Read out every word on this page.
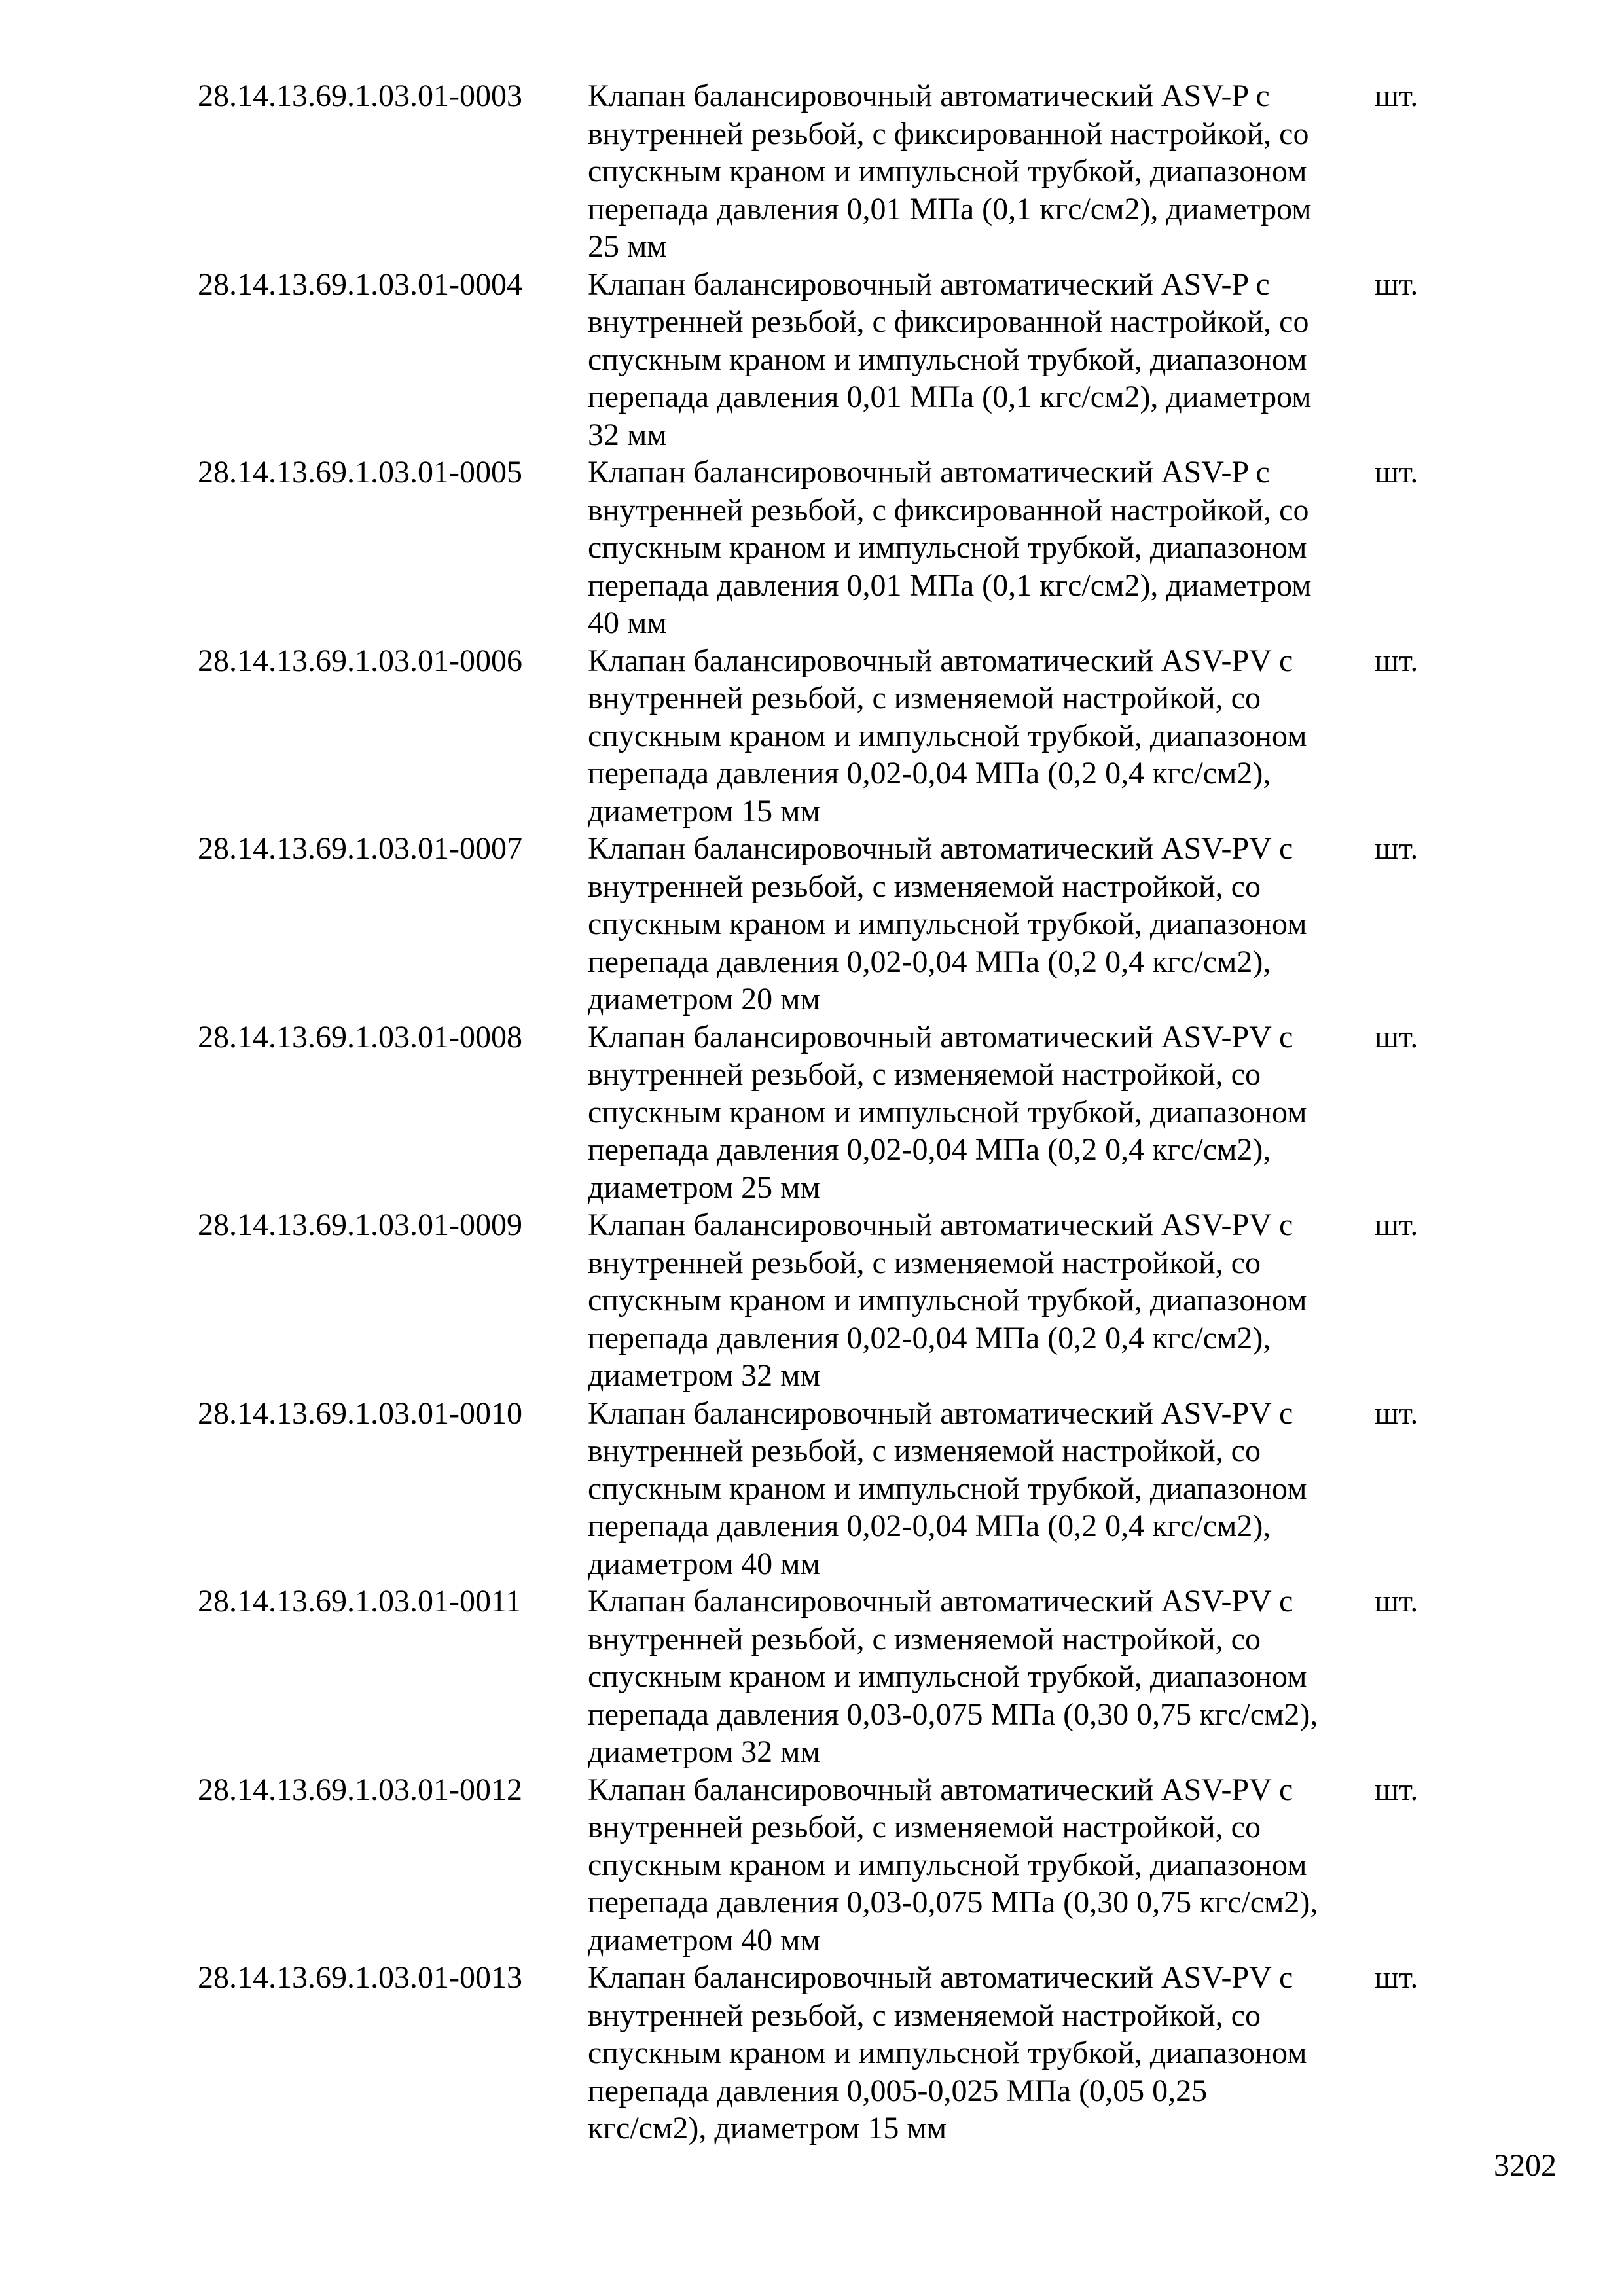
28.14.13.69.1.03.01-0003 Клапан балансировочный автоматический ASV-P с
внутренней резьбой, с фиксированной настройкой, со
спускным краном и импульсной трубкой, диапазоном
перепада давления 0,01 МПа (0,1 кгс/см2), диаметром
25 мм
шт.
28.14.13.69.1.03.01-0004 Клапан балансировочный автоматический ASV-P с
внутренней резьбой, с фиксированной настройкой, со
спускным краном и импульсной трубкой, диапазоном
перепада давления 0,01 МПа (0,1 кгс/см2), диаметром
32 мм
шт.
28.14.13.69.1.03.01-0005 Клапан балансировочный автоматический ASV-P с
внутренней резьбой, с фиксированной настройкой, со
спускным краном и импульсной трубкой, диапазоном
перепада давления 0,01 МПа (0,1 кгс/см2), диаметром
40 мм
шт.
28.14.13.69.1.03.01-0006 Клапан балансировочный автоматический ASV-PV с
внутренней резьбой, с изменяемой настройкой, со
спускным краном и импульсной трубкой, диапазоном
перепада давления 0,02-0,04 МПа (0,2 0,4 кгс/см2),
диаметром 15 мм
шт.
28.14.13.69.1.03.01-0007 Клапан балансировочный автоматический ASV-PV с
внутренней резьбой, с изменяемой настройкой, со
спускным краном и импульсной трубкой, диапазоном
перепада давления 0,02-0,04 МПа (0,2 0,4 кгс/см2),
диаметром 20 мм
шт.
28.14.13.69.1.03.01-0008 Клапан балансировочный автоматический ASV-PV с
внутренней резьбой, с изменяемой настройкой, со
спускным краном и импульсной трубкой, диапазоном
перепада давления 0,02-0,04 МПа (0,2 0,4 кгс/см2),
диаметром 25 мм
шт.
28.14.13.69.1.03.01-0009 Клапан балансировочный автоматический ASV-PV с
внутренней резьбой, с изменяемой настройкой, со
спускным краном и импульсной трубкой, диапазоном
перепада давления 0,02-0,04 МПа (0,2 0,4 кгс/см2),
диаметром 32 мм
шт.
28.14.13.69.1.03.01-0010 Клапан балансировочный автоматический ASV-PV с
внутренней резьбой, с изменяемой настройкой, со
спускным краном и импульсной трубкой, диапазоном
перепада давления 0,02-0,04 МПа (0,2 0,4 кгс/см2),
диаметром 40 мм
шт.
28.14.13.69.1.03.01-0011 Клапан балансировочный автоматический ASV-PV с
внутренней резьбой, с изменяемой настройкой, со
спускным краном и импульсной трубкой, диапазоном
перепада давления 0,03-0,075 МПа (0,30 0,75 кгс/см2),
диаметром 32 мм
шт.
28.14.13.69.1.03.01-0012 Клапан балансировочный автоматический ASV-PV с
внутренней резьбой, с изменяемой настройкой, со
спускным краном и импульсной трубкой, диапазоном
перепада давления 0,03-0,075 МПа (0,30 0,75 кгс/см2),
диаметром 40 мм
шт.
28.14.13.69.1.03.01-0013 Клапан балансировочный автоматический ASV-PV с
внутренней резьбой, с изменяемой настройкой, со
спускным краном и импульсной трубкой, диапазоном
перепада давления 0,005-0,025 МПа (0,05 0,25
кгс/см2), диаметром 15 мм
шт.
3202
